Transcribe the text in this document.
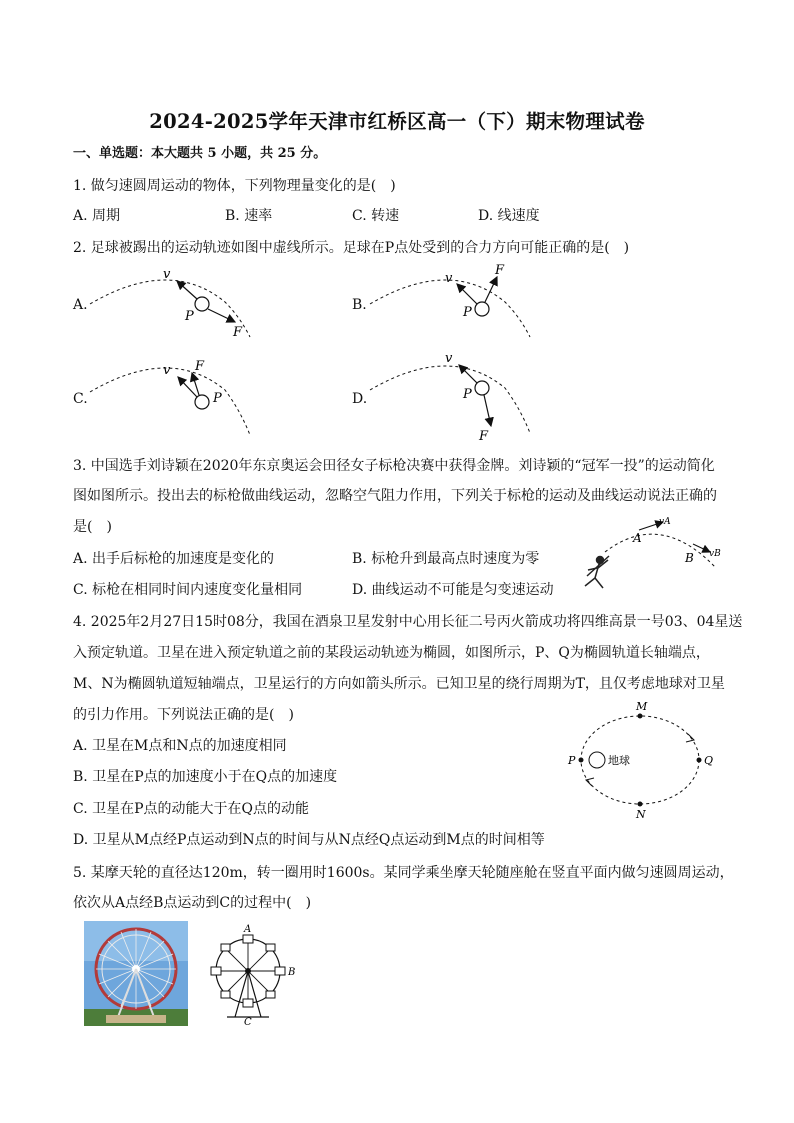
2024-2025学年天津市红桥区高一（下）期末物理试卷
一、单选题：本大题共 5 小题，共 25 分。
1. 做匀速圆周运动的物体，下列物理量变化的是(　)
A. 周期	B. 速率	C. 转速	D. 线速度
2. 足球被踢出的运动轨迹如图中虚线所示。足球在P点处受到的合力方向可能正确的是(　)
A.
v
P
F
B.
v
P
F
C.
v F
P	D.
v
P
F
3. 中国选手刘诗颖在2020年东京奥运会田径女子标枪决赛中获得金牌。刘诗颖的“冠军一投”的运动简化
图如图所示。投出去的标枪做曲线运动，忽略空气阻力作用，下列关于标枪的运动及曲线运动说法正确的
是(　)
A. 出手后标枪的加速度是变化的	B. 标枪升到最高点时速度为零
C. 标枪在相同时间内速度变化量相同	D. 曲线运动不可能是匀变速运动
A
B
vA
vB
4. 2025年2月27日15时08分，我国在酒泉卫星发射中心用长征二号丙火箭成功将四维高景一号03、04星送
入预定轨道。卫星在进入预定轨道之前的某段运动轨迹为椭圆，如图所示，P、Q为椭圆轨道长轴端点，
M、N为椭圆轨道短轴端点，卫星运行的方向如箭头所示。已知卫星的绕行周期为T，且仅考虑地球对卫星
的引力作用。下列说法正确的是(　)
A. 卫星在M点和N点的加速度相同
B. 卫星在P点的加速度小于在Q点的加速度
C. 卫星在P点的动能大于在Q点的动能
D. 卫星从M点经P点运动到N点的时间与从N点经Q点运动到M点的时间相等
M
N
P	Q
地球
5. 某摩天轮的直径达120m，转一圈用时1600s。某同学乘坐摩天轮随座舱在竖直平面内做匀速圆周运动，
依次从A点经B点运动到C的过程中(　)
A
B
C
